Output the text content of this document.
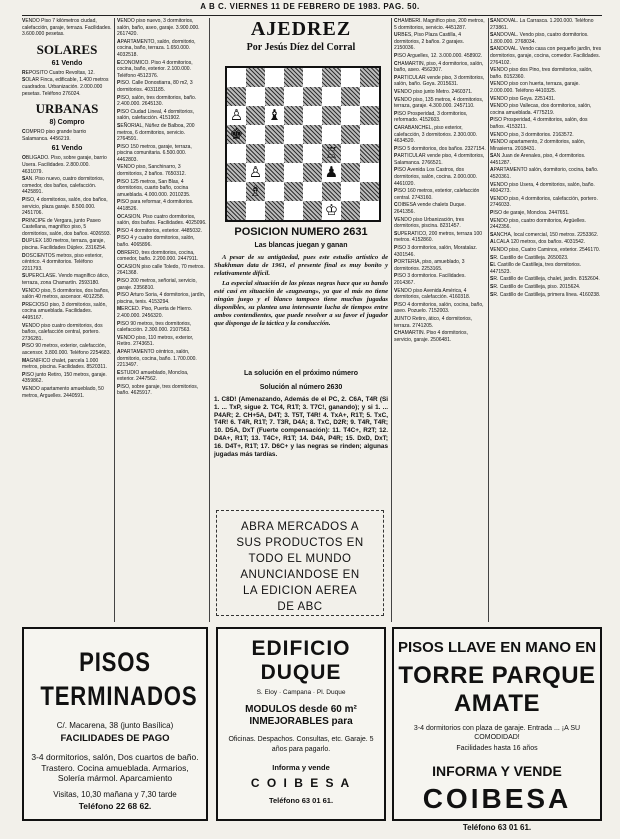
A B C. VIERNES 11 DE FEBRERO DE 1983. PAG. 50.

VENDO Piso 7 kilómetros ciudad, calefacción, garaje, terraza. Facilidades. 3.600.000 pesetas.

SOLARES
61 Vendo

REPOSITO Cuatro Revoltas, 12.

SOLAR Finca, edificable, 1.400 metros cuadrados. Urbanización. 2.000.000 pesetas. Teléfono 276024.

URBANAS
8) Compro

COMPRO piso grande barrio Salamanca. 4456219.

61 Vendo

OBLIGADO. Piso, sobre garaje, barrio Usera. Facilidades. 2.800.000. 4631079.

SAN. Piso nuevo, cuatro dormitorios, comedor, dos baños, calefacción. 4425891.

PISO, 4 dormitorios, salón, dos baños, servicio, plaza garaje. 8.500.000. 2451706.

PRINCIPE de Vergara, junto Paseo Castellana, magnífico piso, 5 dormitorios, salón, dos baños. 4026593.

DUPLEX 180 metros, terraza, garaje, piscina. Facilidades Dúplex. 2316254.

DOSCIENTOS metros, piso exterior, céntrico. 4 dormitorios. Teléfono 2211793.

SUPERCLASE. Vendo magnífico ático, terraza, zona Chamartín. 2593180.

VENDO piso, 5 dormitorios, dos baños, salón 40 metros, ascensor. 4012258.

PRECIOSO piso, 3 dormitorios, salón, cocina amueblada. Facilidades. 4495167.

VENDO piso cuatro dormitorios, dos baños, calefacción central, portero. 2736281.

PISO 90 metros, exterior, calefacción, ascensor. 3.800.000. Teléfono 2254683.

MAGNIFICO chalet, parcela 1.000 metros, piscina. Facilidades. 8520311.

PISO junto Retiro, 150 metros, garaje. 4359862.

VENDO apartamento amueblado, 50 metros, Arguelles. 2440591.

VENDO piso nuevo, 3 dormitorios, salón, baño, aseo, garaje. 3.900.000. 2617420.

APARTAMENTO, salón, dormitorio, cocina, baño, terraza. 1.650.000. 4032518.

ECONOMICO. Piso 4 dormitorios, cocina, baño, exterior. 2.100.000. Teléfono 4512376.

PISO. Calle Donostiarra, 80 m2, 3 dormitorios. 4031185.

PISO, salón, tres dormitorios, baño. 2.400.000. 2645130.

PISO Ciudad Lineal, 4 dormitorios, salón, calefacción. 4151902.

SEÑORIAL, Núñez de Balboa, 200 metros, 6 dormitorios, servicio. 2764591.

PISO 150 metros, garaje, terraza, piscina comunitaria. 6.500.000. 4462803.

VENDO piso, Sanchinarro, 3 dormitorios, 2 baños. 7650312.

PISO 125 metros, San Blas, 4 dormitorios, cuarto baño, cocina amueblada. 4.000.000. 2010235.

PISO para reformar, 4 dormitorios. 4418526.

OCASION. Piso cuatro dormitorios, salón, dos baños. Facilidades. 4025096.

PISO 4 dormitorios, exterior. 4485032.

PISO 4 y cuatro dormitorios, salón, baño. 4065896.

OBRERO, tres dormitorios, cocina, comedor, baño. 2.200.000. 2447911.

OCASION piso calle Toledo, 70 metros. 2641368.

PISO 200 metros, señorial, servicio, garaje. 2356810.

PISO Arturo Soria, 4 dormitorios, jardín, piscina, tenis. 4153294.

MERCED. Piso, Puerta de Hierro. 2.400.000. 2456320.

PISO 90 metros, tres dormitorios, calefacción. 2.300.000. 2107563.

VENDO piso, 110 metros, exterior, Retiro. 2743651.

APARTAMENTO céntrico, salón, dormitorio, cocina, baño. 1.700.000. 2213497.

ESTUDIO amueblado, Moncloa, exterior. 2447562.

PISO, sobre garaje, tres dormitorios, baño. 4625917.

AJEDREZ
Por Jesús Díez del Corral
♙ ♝
♚
♖
♙	♟
♗
♔
POSICION NUMERO 2631
Las blancas juegan y ganan

A pesar de su antigüedad, pues este estudio artístico de Shakhman data de 1961, el presente final es muy bonito y relativamente difícil.

La especial situación de las piezas negras hace que su bando esté casi en situación de «zugzwang», ya que el más no tiene ningún juego y el blanco tampoco tiene muchas jugadas disponibles, su plantea una interesante lucha de tiempos entre ambos contendientes, que puede resolver a su favor el jugador que disponga de la táctica y la conducción.

La solución en el próximo número
Solución al número 2630
1. C8D! (Amenazando, Además de el PC, 2. C6A, T4R (Si 1. ... TxP, sigue 2. TC4, R1T; 3. T7C!, ganando); y si 1. ... P4AR; 2. CH+5A, D4T; 3. T5T, T4R! 4. TxA+, R1T; 5. TxC, T4R! 6. T4R, R1T; 7. T3R, D4A; 8. TxC, D2R; 9. T4R, T4R; 10. D5A, DxT (Fuerte compensación): 11. T4C+, R2T; 12. D4A+, R1T; 13. T4C+, R1T; 14. D4A, P4R; 15. DxD, DxT; 16. D4T+, R1T; 17. D6C+ y las negras se rinden; algunas jugadas más tardías.
ABRA MERCADOS A
SUS PRODUCTOS EN
TODO EL MUNDO
ANUNCIANDOSE EN
LA EDICION AEREA
DE ABC

CHAMBERI. Magnífico piso, 200 metros, 5 dormitorios, servicio. 4451287.

URBES, Piso Plaza Castilla, 4 dormitorios, 2 baños. 2 garajes. 2150036.

PISO Arguelles, 12. 3.000.000. 458902.

CHAMARTIN, piso, 4 dormitorios, salón, baño, aseo. 4562307.

PARTICULAR vende piso, 3 dormitorios, salón, baño. Goya. 2015631.

VENDO piso junto Metro. 2460371.

VENDO piso, 135 metros, 4 dormitorios, terraza, garaje. 4.300.000. 2457110.

PISO Prosperidad, 3 dormitorios, reformado. 4152603.

CARABANCHEL, piso exterior, calefacción, 3 dormitorios. 2.300.000. 4634520.

PISO 5 dormitorios, dos baños. 2327154.

PARTICULAR vende piso, 4 dormitorios, Salamanca. 2766521.

PISO Avenida Los Castros, dos dormitorios, salón, cocina. 2.000.000. 4461020.

PISO 160 metros, exterior, calefacción central. 2743160.

COIBESA vende chalets Duque. 2641356.

VENDO piso Urbanización, tres dormitorios, piscina. 8231457.

SUPERATICO, 200 metros, terraza 100 metros. 4152860.

PISO 3 dormitorios, salón, Moratalaz. 4301546.

PORTERIA, piso, amueblado, 3 dormitorios. 2253165.

PISO 3 dormitorios. Facilidades. 2014367.

VENDO piso Avenida América, 4 dormitorios, calefacción. 4160318.

PISO 4 dormitorios, salón, cocina, baño, aseo. Pozuelo. 7152003.

JUNTO Retiro, ático, 4 dormitorios, terraza. 2741205.

CHAMARTIN. Piso 4 dormitorios, servicio, garaje. 2506481.

SANDOVAL. La Carrasca. 1.200.000. Teléfono 273861.

SANDOVAL. Vendo piso, cuatro dormitorios. 1.800.000. 2768034.

SANDOVAL. Vendo casa con pequeño jardín, tres dormitorios, garaje, cocina, comedor. Facilidades. 2764102.

VENDO piso dos Pino, tres dormitorios, salón, baño. 8152360.

VENDO piso con huerta, terraza, garaje. 2.000.000. Teléfono 4410325.

VENDO piso Goya. 2251431.

VENDO piso Vallecas, dos dormitorios, salón, cocina amueblada. 4775219.

PISO Prosperidad, 4 dormitorios, salón, dos baños. 4153211.

VENDO piso, 3 dormitorios. 2163572.

VENDO apartamento, 2 dormitorios, salón, Mirasierra. 2018431.

SAN Juan de Arenales, piso, 4 dormitorios. 4451287.

APARTAMENTO salón, dormitorio, cocina, baño. 4520361.

VENDO piso Usera, 4 dormitorios, salón, baño. 4604273.

VENDO piso, 4 dormitorios, calefacción, portero. 2746033.

PISO de garaje, Moncloa. 2447651.

VENDO piso, cuatro dormitorios, Argüelles. 2442356.

SANCHA, local comercial, 150 metros. 2253362.

ALCALA 120 metros, dos baños. 4031542.

VENDO piso, Cuatro Caminos, exterior. 2546170.

SR. Castillo de Castilleja. 2650023.

EL Castillo de Castilleja, tres dormitorios. 4471523.

SR. Castillo de Castilleja, chalet, jardín. 8152604.

SR. Castillo de Castilleja, piso. 2015624.

SR. Castillo de Castilleja, primera línea. 4160238.

PISOS TERMINADOS
C/. Macarena, 38 (junto Basílica)
FACILIDADES DE PAGO
3-4 dormitorios, salón, Dos cuartos de baño. Trastero. Cocina amueblada. Armarios, Solería mármol. Aparcamiento
Visitas, 10,30 mañana y 7,30 tarde
Teléfono 22 68 62.
EDIFICIO DUQUE
S. Eloy · Campana · Pl. Duque
MODULOS desde 60 m²
INMEJORABLES para
Oficinas. Despachos. Consultas, etc. Garaje. 5 años para pagarlo.
Informa y vende
C O I B E S A
Teléfono 63 01 61.
PISOS LLAVE EN MANO EN
TORRE PARQUE AMATE
3-4 dormitorios con plaza de garaje. Entrada ... ¡A SU COMODIDAD!
Facilidades hasta 16 años
INFORMA Y VENDE
COIBESA
Teléfono 63 01 61.
